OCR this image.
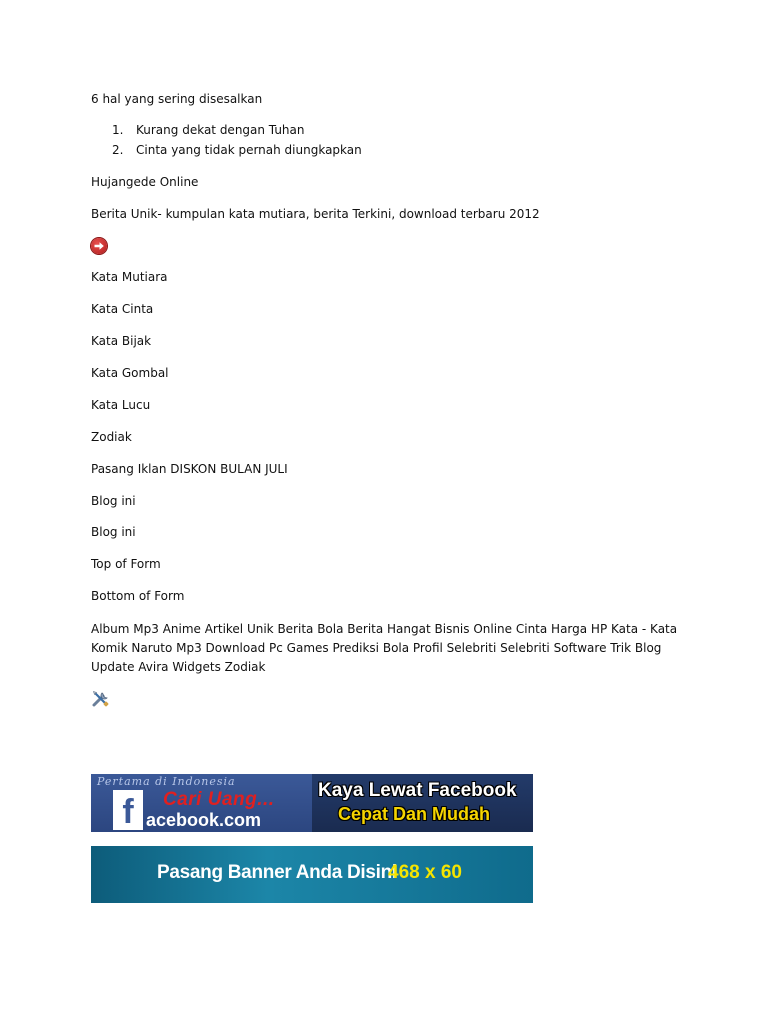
6 hal yang sering disesalkan
1. Kurang dekat dengan Tuhan
2. Cinta yang tidak pernah diungkapkan
Hujangede Online
Berita Unik- kumpulan kata mutiara, berita Terkini, download terbaru 2012
Kata Mutiara
Kata Cinta
Kata Bijak
Kata Gombal
Kata Lucu
Zodiak
Pasang Iklan DISKON BULAN JULI
Blog ini
Blog ini
Top of Form
Bottom of Form
Album Mp3 Anime Artikel Unik Berita Bola Berita Hangat Bisnis Online Cinta Harga HP Kata - Kata Komik Naruto Mp3 Download Pc Games Prediksi Bola Profil Selebriti Selebriti Software Trik Blog Update Avira Widgets Zodiak
Pertama di Indonesia
f	Cari Uang...
acebook.com
Kaya Lewat Facebook
Cepat Dan Mudah
Pasang Banner Anda Disini
468 x 60
